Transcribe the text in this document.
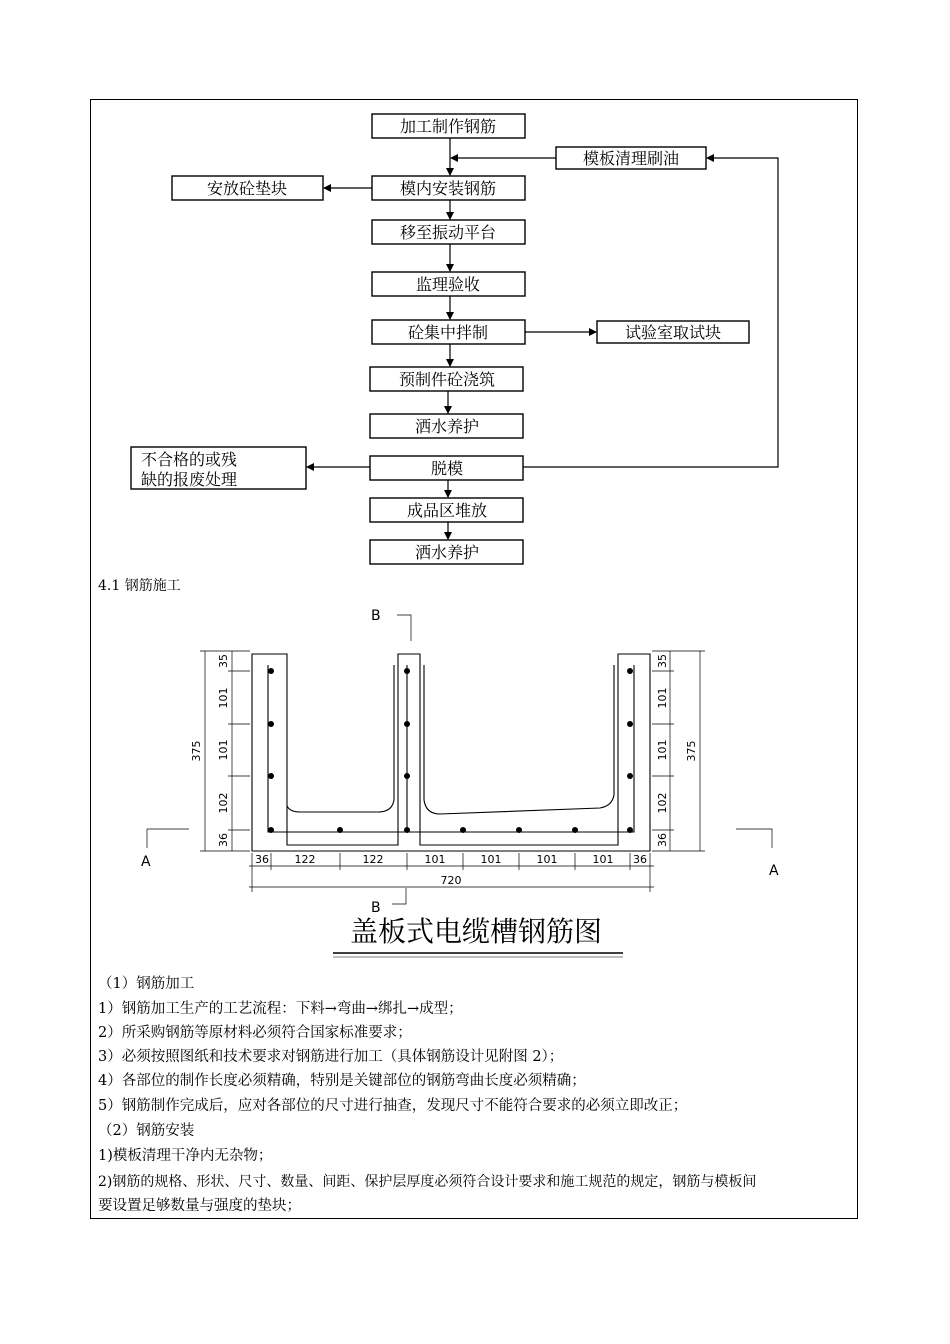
加工制作钢筋
模板清理刷油
模内安装钢筋
安放砼垫块
移至振动平台
监理验收
砼集中拌制	试验室取试块
预制件砼浇筑
洒水养护
脱模
不合格的或残
缺的报废处理
成品区堆放
洒水养护
B
B
A
A
35
101
101
102
36
375
35
101
101
102
36
375
36 122	122	101	101	101	101 36
720
盖板式电缆槽钢筋图
4.1 钢筋施工
（1）钢筋加工
1）钢筋加工生产的工艺流程：下料→弯曲→绑扎→成型；
2）所采购钢筋等原材料必须符合国家标准要求；
3）必须按照图纸和技术要求对钢筋进行加工（具体钢筋设计见附图 2）；
4）各部位的制作长度必须精确，特别是关键部位的钢筋弯曲长度必须精确；
5）钢筋制作完成后，应对各部位的尺寸进行抽查，发现尺寸不能符合要求的必须立即改正；
（2）钢筋安装
1)模板清理干净内无杂物；
2)钢筋的规格、形状、尺寸、数量、间距、保护层厚度必须符合设计要求和施工规范的规定，钢筋与模板间
要设置足够数量与强度的垫块；
